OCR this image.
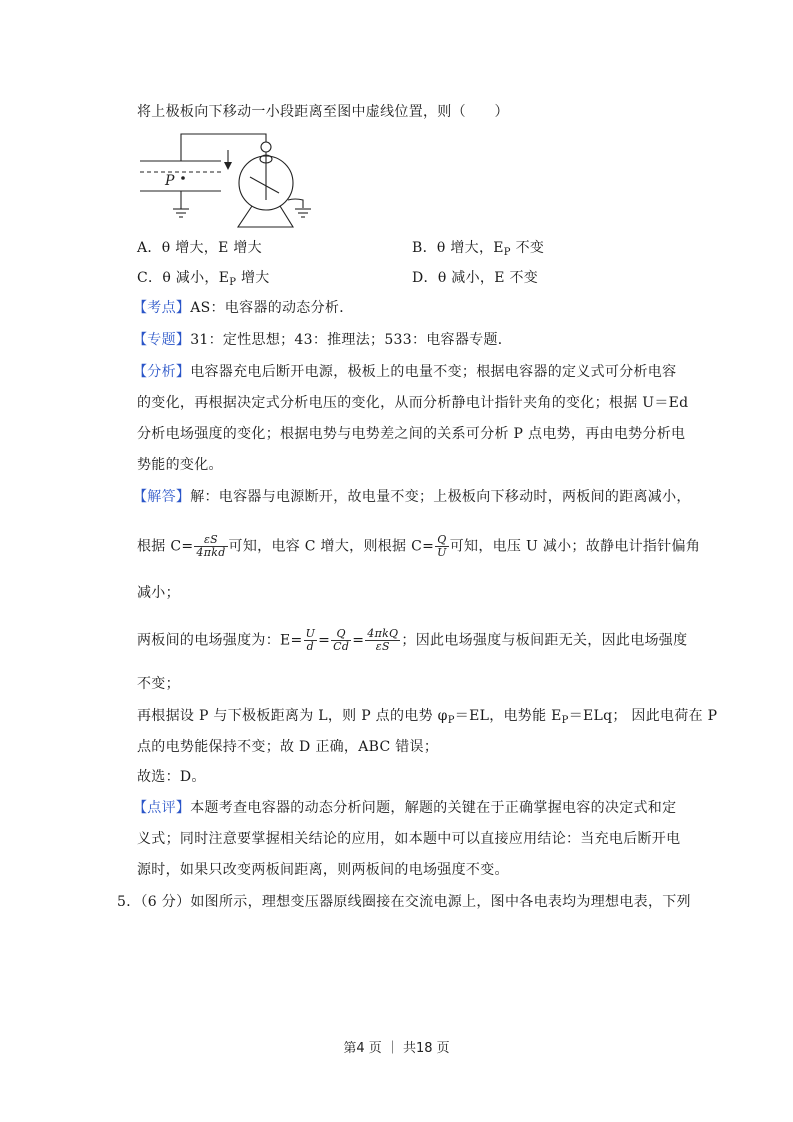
将上极板向下移动一小段距离至图中虚线位置，则（　　）
P
A．θ 增大，E 增大	B．θ 增大，$E_P$ 不变
C．θ 减小，$E_P$ 增大	D．θ 减小，E 不变
【考点】AS：电容器的动态分析．
【专题】31：定性思想；43：推理法；533：电容器专题．
【分析】电容器充电后断开电源，极板上的电量不变；根据电容器的定义式可分析电容
的变化，再根据决定式分析电压的变化，从而分析静电计指针夹角的变化；根据 U＝Ed
分析电场强度的变化；根据电势与电势差之间的关系可分析 P 点电势，再由电势分析电
势能的变化。
【解答】解：电容器与电源断开，故电量不变；上极板向下移动时，两板间的距离减小，
根据 $C= \frac{\varepsilon S}{\text{4πkd}}$ 可知，电容 C 增大，则根据 $C= \frac{Q}{U}$ 可知，电压 U 减小；故静电计指针偏角
减小；
两板间的电场强度为：$E= \frac{U}{d} = \frac{Q}{Cd} = \frac{\text{4πkQ}}{\varepsilon S}$ ；因此电场强度与板间距无关，因此电场强度
不变；
再根据设 P 与下极板距离为 L，则 P 点的电势 $\varphi_P=EL$，电势能 $E_P=ELq$； 因此电荷在 P
点的电势能保持不变；故 D 正确，ABC 错误；
故选：D。
【点评】本题考查电容器的动态分析问题，解题的关键在于正确掌握电容的决定式和定
义式；同时注意要掌握相关结论的应用，如本题中可以直接应用结论：当充电后断开电
源时，如果只改变两板间距离，则两板间的电场强度不变。
5．（6 分）如图所示，理想变压器原线圈接在交流电源上，图中各电表均为理想电表，下列
第4 页 ｜ 共18 页
